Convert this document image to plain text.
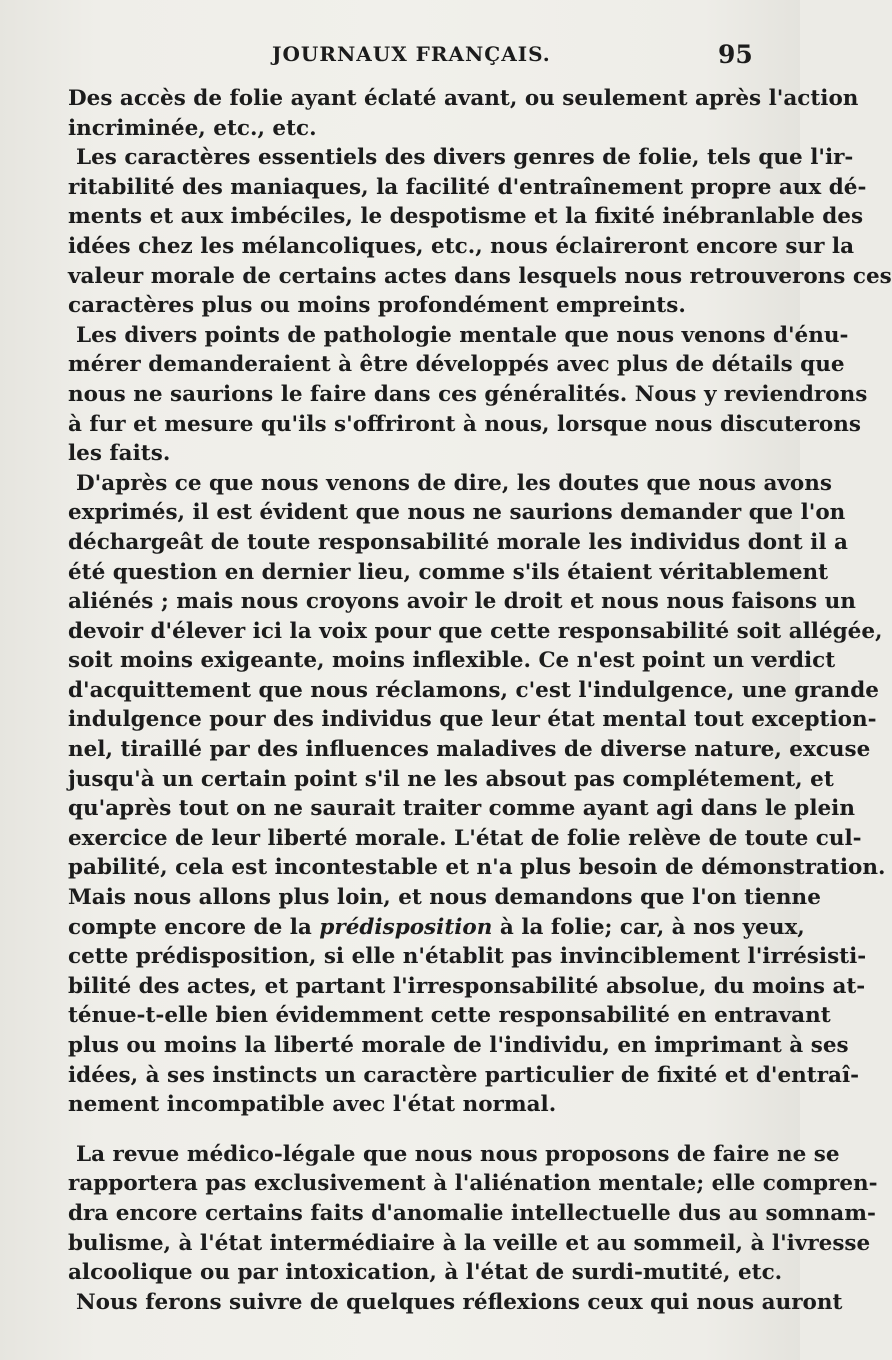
JOURNAUX FRANÇAIS.	95
Des accès de folie ayant éclaté avant, ou seulement après l'action
incriminée, etc., etc.
Les caractères essentiels des divers genres de folie, tels que l'ir-
ritabilité des maniaques, la facilité d'entraînement propre aux dé-
ments et aux imbéciles, le despotisme et la fixité inébranlable des
idées chez les mélancoliques, etc., nous éclaireront encore sur la
valeur morale de certains actes dans lesquels nous retrouverons ces
caractères plus ou moins profondément empreints.
Les divers points de pathologie mentale que nous venons d'énu-
mérer demanderaient à être développés avec plus de détails que
nous ne saurions le faire dans ces généralités. Nous y reviendrons
à fur et mesure qu'ils s'offriront à nous, lorsque nous discuterons
les faits.
D'après ce que nous venons de dire, les doutes que nous avons
exprimés, il est évident que nous ne saurions demander que l'on
déchargeât de toute responsabilité morale les individus dont il a
été question en dernier lieu, comme s'ils étaient véritablement
aliénés ; mais nous croyons avoir le droit et nous nous faisons un
devoir d'élever ici la voix pour que cette responsabilité soit allégée,
soit moins exigeante, moins inflexible. Ce n'est point un verdict
d'acquittement que nous réclamons, c'est l'indulgence, une grande
indulgence pour des individus que leur état mental tout exception-
nel, tiraillé par des influences maladives de diverse nature, excuse
jusqu'à un certain point s'il ne les absout pas complétement, et
qu'après tout on ne saurait traiter comme ayant agi dans le plein
exercice de leur liberté morale. L'état de folie relève de toute cul-
pabilité, cela est incontestable et n'a plus besoin de démonstration.
Mais nous allons plus loin, et nous demandons que l'on tienne
compte encore de la prédisposition à la folie; car, à nos yeux,
cette prédisposition, si elle n'établit pas invinciblement l'irrésisti-
bilité des actes, et partant l'irresponsabilité absolue, du moins at-
ténue-t-elle bien évidemment cette responsabilité en entravant
plus ou moins la liberté morale de l'individu, en imprimant à ses
idées, à ses instincts un caractère particulier de fixité et d'entraî-
nement incompatible avec l'état normal.
La revue médico-légale que nous nous proposons de faire ne se
rapportera pas exclusivement à l'aliénation mentale; elle compren-
dra encore certains faits d'anomalie intellectuelle dus au somnam-
bulisme, à l'état intermédiaire à la veille et au sommeil, à l'ivresse
alcoolique ou par intoxication, à l'état de surdi-mutité, etc.
Nous ferons suivre de quelques réflexions ceux qui nous auront
